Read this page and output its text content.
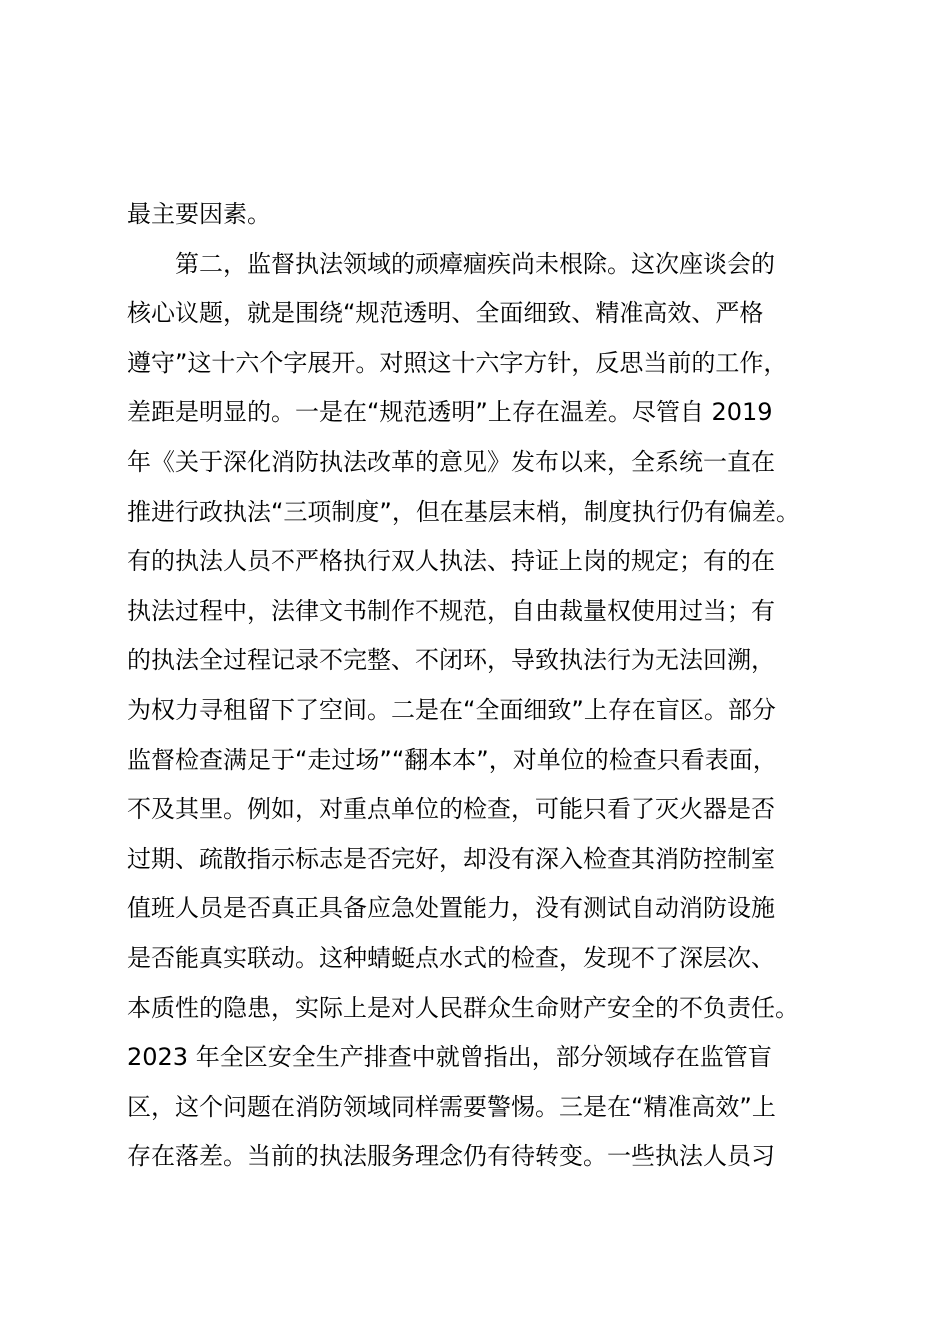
最主要因素。
　　第二，监督执法领域的顽瘴痼疾尚未根除。这次座谈会的
核心议题，就是围绕“规范透明、全面细致、精准高效、严格
遵守”这十六个字展开。对照这十六字方针，反思当前的工作，
差距是明显的。一是在“规范透明”上存在温差。尽管自 2019
年《关于深化消防执法改革的意见》发布以来，全系统一直在
推进行政执法“三项制度”，但在基层末梢，制度执行仍有偏差。
有的执法人员不严格执行双人执法、持证上岗的规定；有的在
执法过程中，法律文书制作不规范，自由裁量权使用过当；有
的执法全过程记录不完整、不闭环，导致执法行为无法回溯，
为权力寻租留下了空间。二是在“全面细致”上存在盲区。部分
监督检查满足于“走过场”“翻本本”，对单位的检查只看表面，
不及其里。例如，对重点单位的检查，可能只看了灭火器是否
过期、疏散指示标志是否完好，却没有深入检查其消防控制室
值班人员是否真正具备应急处置能力，没有测试自动消防设施
是否能真实联动。这种蜻蜓点水式的检查，发现不了深层次、
本质性的隐患，实际上是对人民群众生命财产安全的不负责任。
2023 年全区安全生产排查中就曾指出，部分领域存在监管盲
区，这个问题在消防领域同样需要警惕。三是在“精准高效”上
存在落差。当前的执法服务理念仍有待转变。一些执法人员习
